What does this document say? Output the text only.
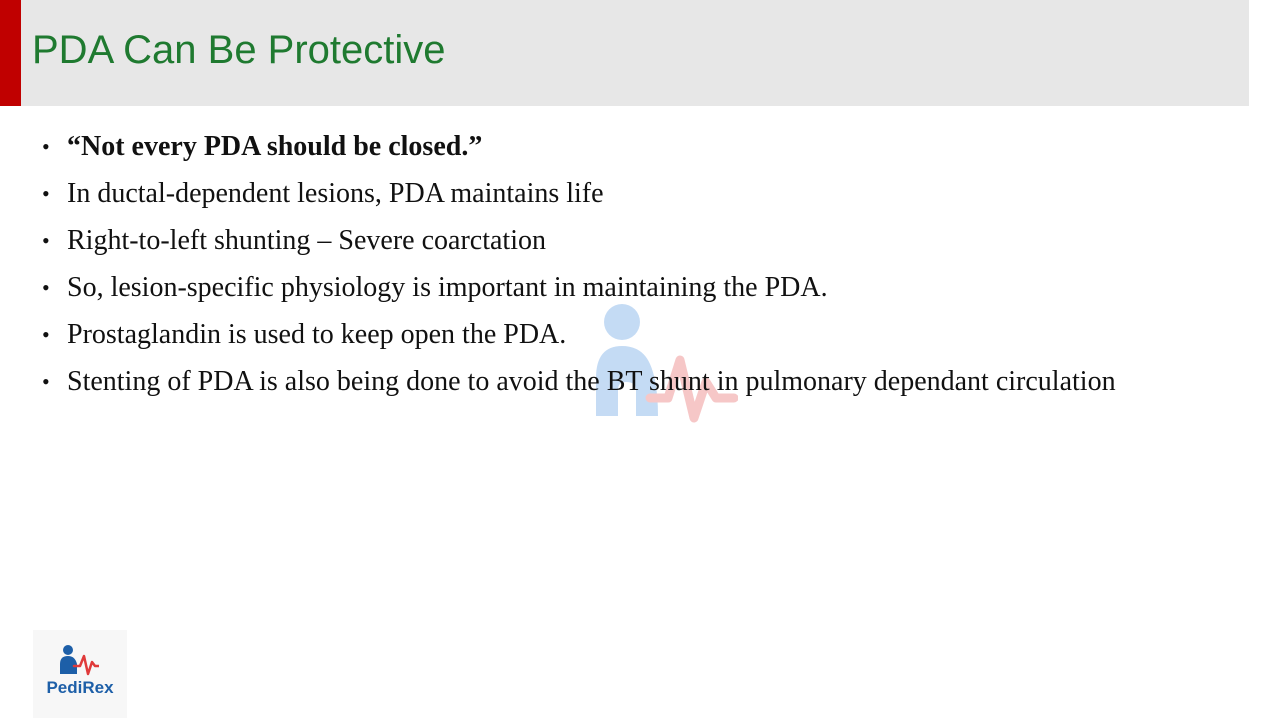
PDA Can Be Protective
• “Not every PDA should be closed.”
• In ductal-dependent lesions, PDA maintains life
• Right-to-left shunting – Severe coarctation
• So, lesion-specific physiology is important in maintaining the PDA.
• Prostaglandin is used to keep open the PDA.
• Stenting of PDA is also being done to avoid the BT shunt in pulmonary dependant circulation
PediRex
